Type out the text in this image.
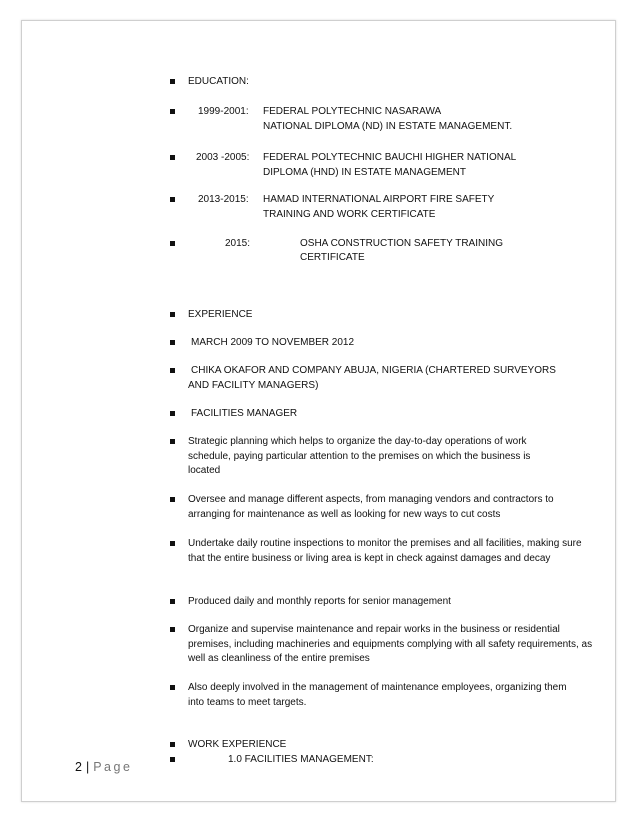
EDUCATION:
1999-2001: FEDERAL POLYTECHNIC NASARAWA
NATIONAL DIPLOMA (ND) IN ESTATE MANAGEMENT.
2003 -2005: FEDERAL POLYTECHNIC BAUCHI HIGHER NATIONAL
DIPLOMA (HND) IN ESTATE MANAGEMENT
2013-2015: HAMAD INTERNATIONAL AIRPORT FIRE SAFETY
TRAINING AND WORK CERTIFICATE
2015:	OSHA CONSTRUCTION SAFETY TRAINING
CERTIFICATE
EXPERIENCE
MARCH 2009 TO NOVEMBER 2012
CHIKA OKAFOR AND COMPANY ABUJA, NIGERIA (CHARTERED SURVEYORS AND FACILITY MANAGERS)
FACILITIES MANAGER
Strategic planning which helps to organize the day-to-day operations of work schedule, paying particular attention to the premises on which the business is located
Oversee and manage different aspects, from managing vendors and contractors to arranging for maintenance as well as looking for new ways to cut costs
Undertake daily routine inspections to monitor the premises and all facilities, making sure that the entire business or living area is kept in check against damages and decay
Produced daily and monthly reports for senior management
Organize and supervise maintenance and repair works in the business or residential premises, including machineries and equipments complying with all safety requirements, as well as cleanliness of the entire premises
Also deeply involved in the management of maintenance employees, organizing them into teams to meet targets.
WORK EXPERIENCE
1.0 FACILITIES MANAGEMENT:
2 | Page
